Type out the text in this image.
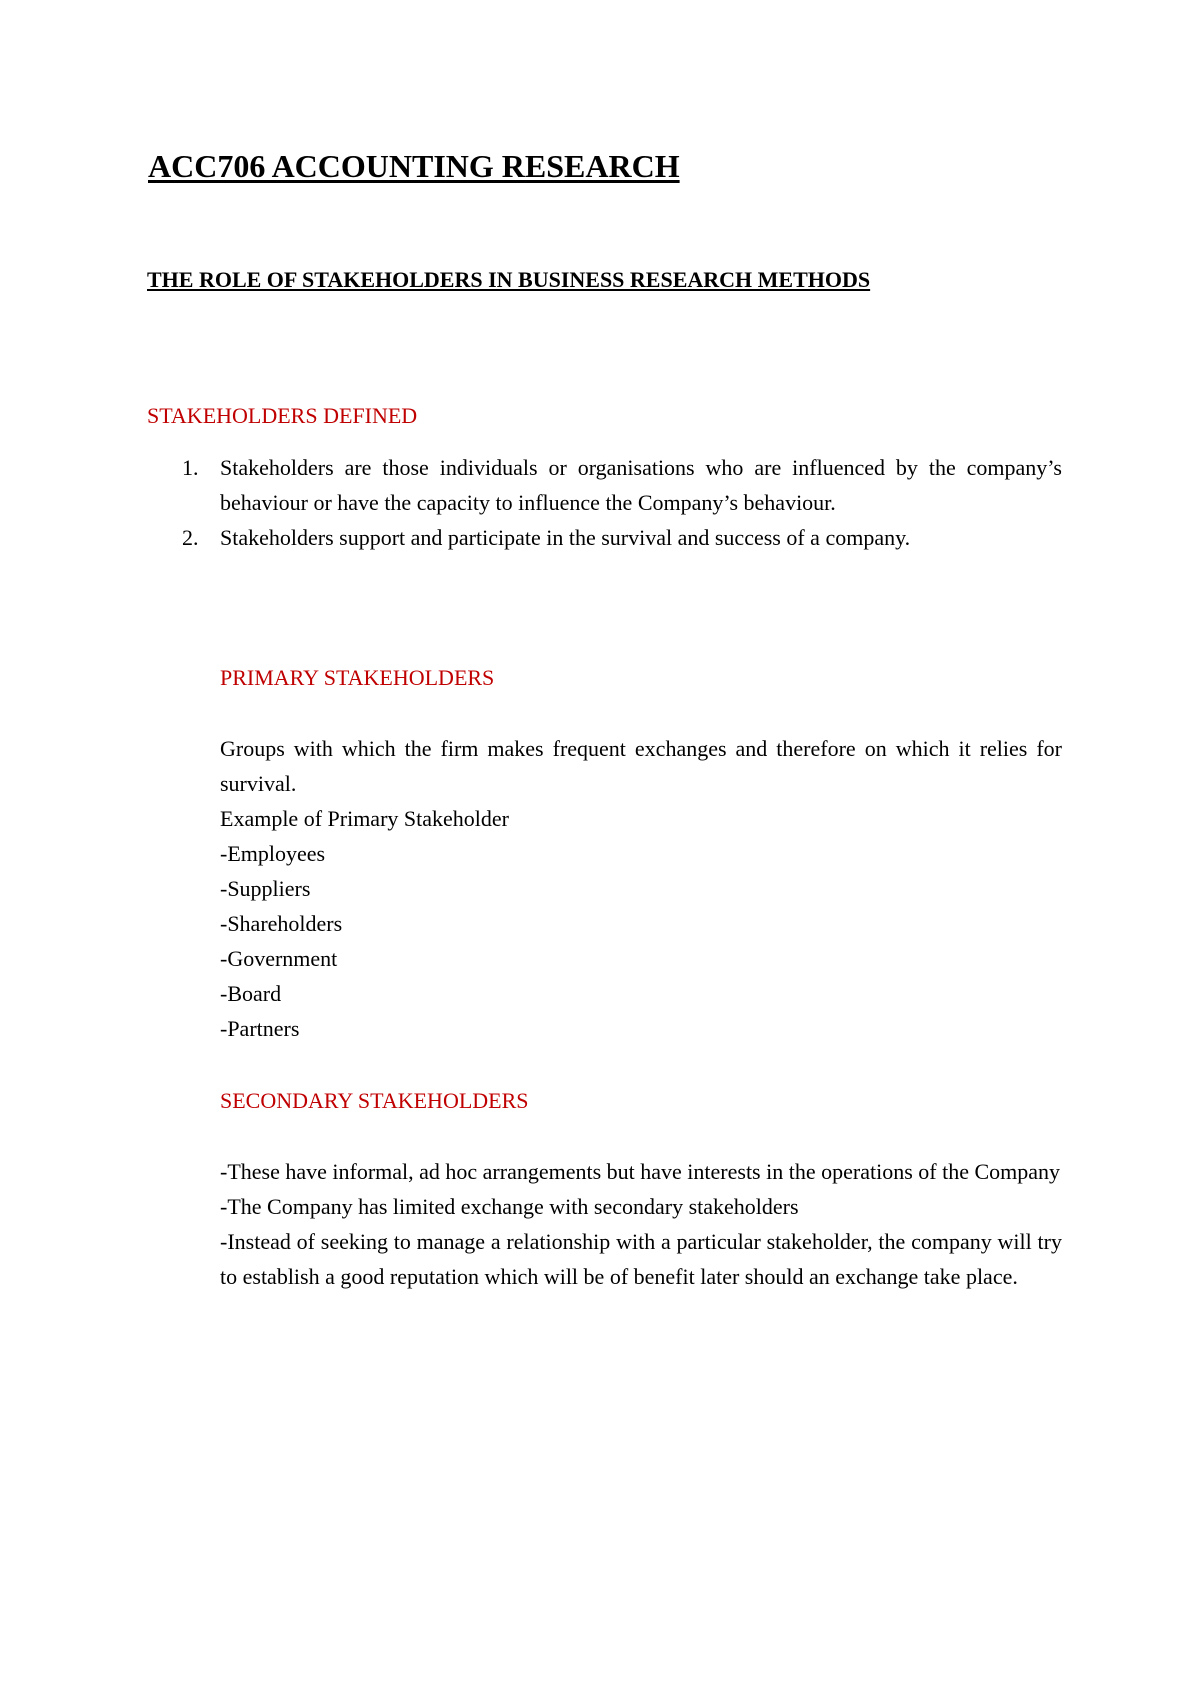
ACC706 ACCOUNTING RESEARCH

THE ROLE OF STAKEHOLDERS IN BUSINESS RESEARCH METHODS

STAKEHOLDERS DEFINED

1. Stakeholders are those individuals or organisations who are influenced by the company’s behaviour or have the capacity to influence the Company’s behaviour.
2. Stakeholders support and participate in the survival and success of a company.

PRIMARY STAKEHOLDERS

Groups with which the firm makes frequent exchanges and therefore on which it relies for survival.

Example of Primary Stakeholder

-Employees

-Suppliers

-Shareholders

-Government

-Board

-Partners

SECONDARY STAKEHOLDERS

-These have informal, ad hoc arrangements but have interests in the operations of the Company

-The Company has limited exchange with secondary stakeholders

-Instead of seeking to manage a relationship with a particular stakeholder, the company will try to establish a good reputation which will be of benefit later should an exchange take place.
